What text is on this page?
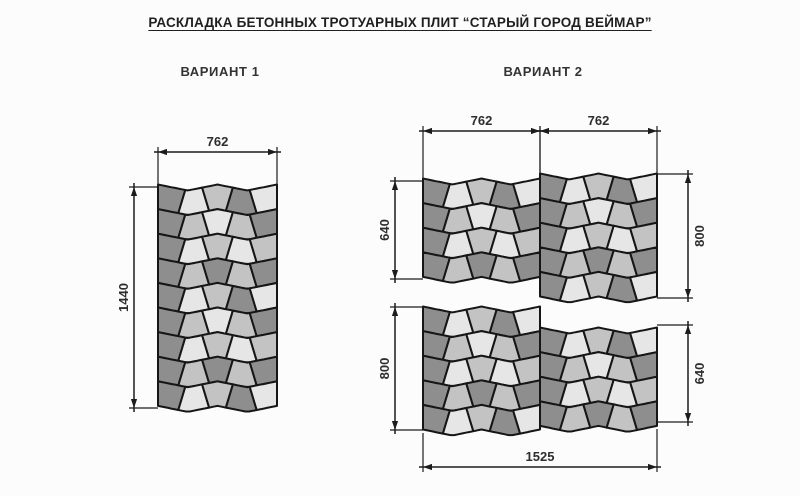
РАСКЛАДКА БЕТОННЫХ ТРОТУАРНЫХ ПЛИТ “СТАРЫЙ ГОРОД ВЕЙМАР”
ВАРИАНТ 1	ВАРИАНТ 2
762
1440
762	762
640	800
800	640
1525
